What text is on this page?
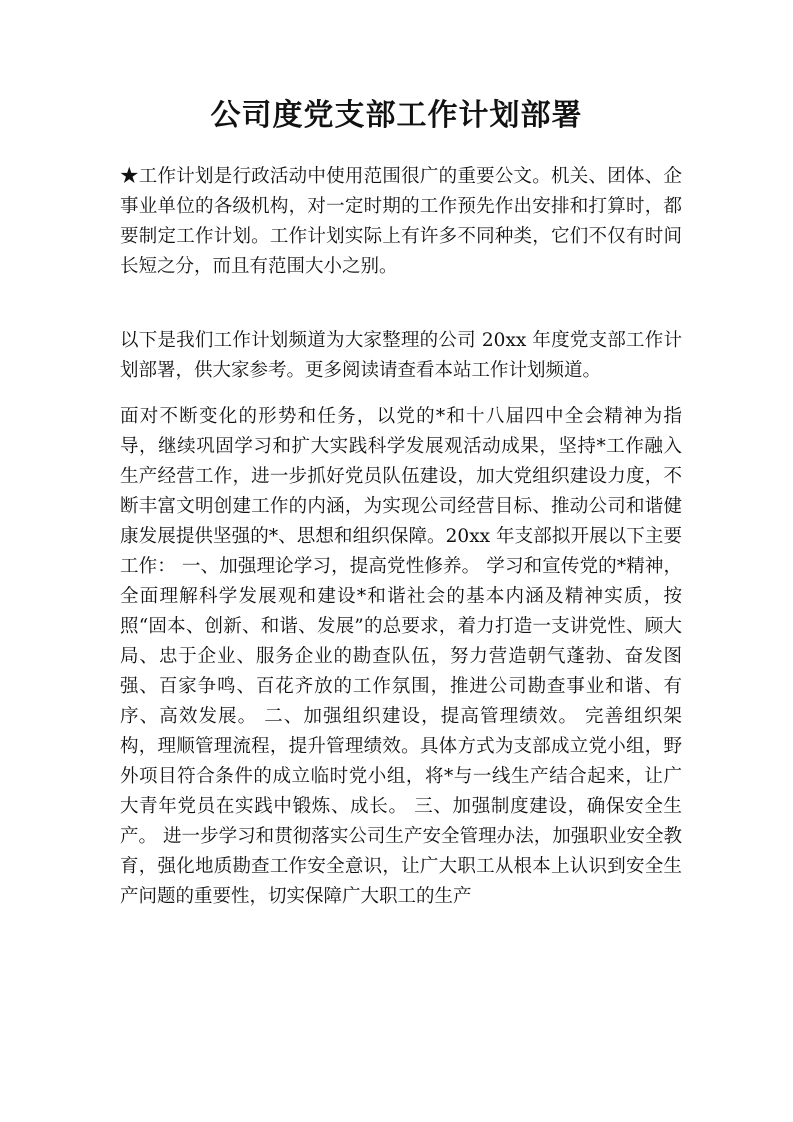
公司度党支部工作计划部署

★工作计划是行政活动中使用范围很广的重要公文。机关、团体、企事业单位的各级机构，对一定时期的工作预先作出安排和打算时，都要制定工作计划。工作计划实际上有许多不同种类，它们不仅有时间长短之分，而且有范围大小之别。

以下是我们工作计划频道为大家整理的公司 20xx 年度党支部工作计划部署，供大家参考。更多阅读请查看本站工作计划频道。

面对不断变化的形势和任务，以党的*和十八届四中全会精神为指导，继续巩固学习和扩大实践科学发展观活动成果，坚持*工作融入生产经营工作，进一步抓好党员队伍建设，加大党组织建设力度，不断丰富文明创建工作的内涵，为实现公司经营目标、推动公司和谐健康发展提供坚强的*、思想和组织保障。20xx 年支部拟开展以下主要工作： 一、加强理论学习，提高党性修养。 学习和宣传党的*精神，全面理解科学发展观和建设*和谐社会的基本内涵及精神实质，按照“固本、创新、和谐、发展”的总要求，着力打造一支讲党性、顾大局、忠于企业、服务企业的勘查队伍，努力营造朝气蓬勃、奋发图强、百家争鸣、百花齐放的工作氛围，推进公司勘查事业和谐、有序、高效发展。 二、加强组织建设，提高管理绩效。 完善组织架构，理顺管理流程，提升管理绩效。具体方式为支部成立党小组，野外项目符合条件的成立临时党小组，将*与一线生产结合起来，让广大青年党员在实践中锻炼、成长。 三、加强制度建设，确保安全生产。 进一步学习和贯彻落实公司生产安全管理办法，加强职业安全教育，强化地质勘查工作安全意识，让广大职工从根本上认识到安全生产问题的重要性，切实保障广大职工的生产
